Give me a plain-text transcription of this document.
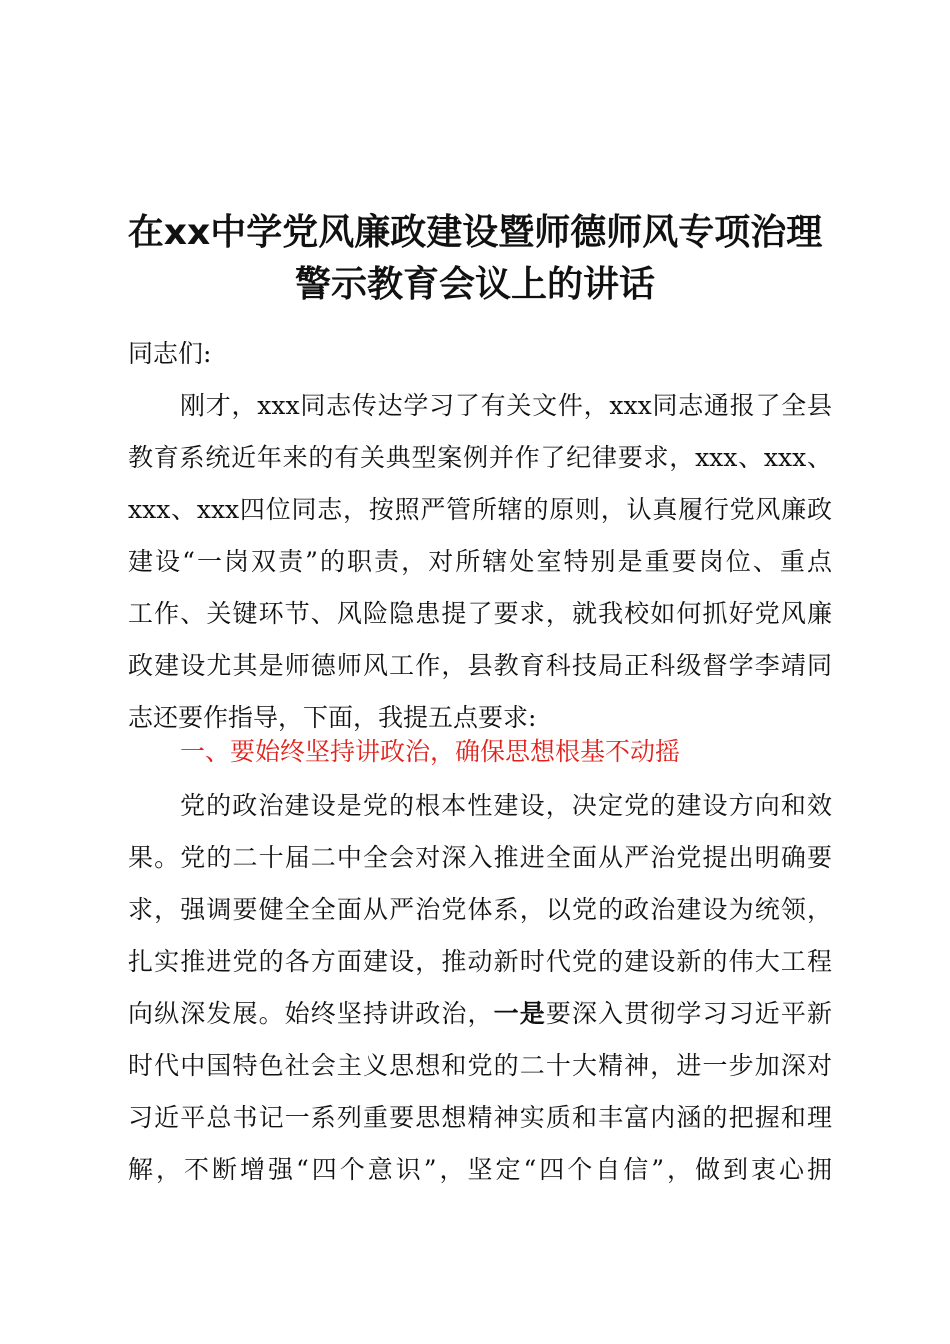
在xx中学党风廉政建设暨师德师风专项治理
警示教育会议上的讲话
同志们:
刚才，xxx同志传达学习了有关文件，xxx同志通报了全县
教育系统近年来的有关典型案例并作了纪律要求，xxx、xxx、
xxx、xxx四位同志，按照严管所辖的原则，认真履行党风廉政
建设“一岗双责”的职责，对所辖处室特别是重要岗位、重点
工作、关键环节、风险隐患提了要求，就我校如何抓好党风廉
政建设尤其是师德师风工作，县教育科技局正科级督学李靖同
志还要作指导，下面，我提五点要求:
一、要始终坚持讲政治，确保思想根基不动摇
党的政治建设是党的根本性建设，决定党的建设方向和效
果。党的二十届二中全会对深入推进全面从严治党提出明确要
求，强调要健全全面从严治党体系，以党的政治建设为统领，
扎实推进党的各方面建设，推动新时代党的建设新的伟大工程
向纵深发展。始终坚持讲政治，一是要深入贯彻学习习近平新
时代中国特色社会主义思想和党的二十大精神，进一步加深对
习近平总书记一系列重要思想精神实质和丰富内涵的把握和理
解，不断增强“四个意识”，坚定“四个自信”，做到衷心拥
